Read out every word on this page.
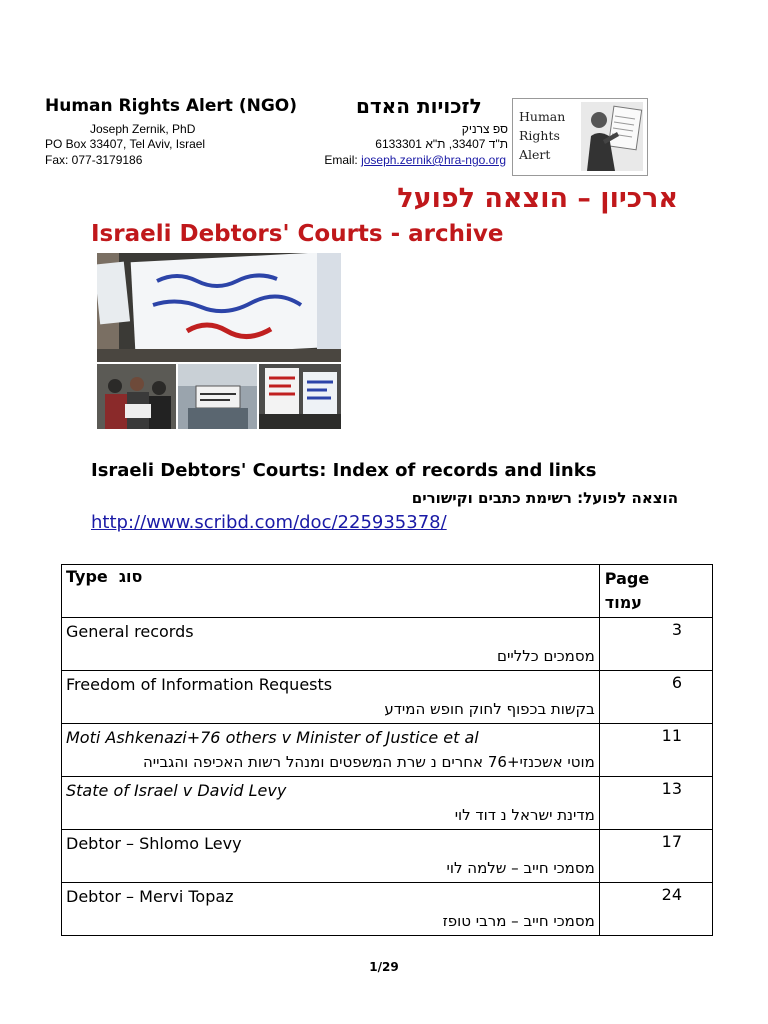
Human Rights Alert (NGO)	לזכויות האדם
Joseph Zernik, PhD
PO Box 33407, Tel Aviv, Israel
Fax: 077-3179186
ספ צרניק
ת"ד 33407, ת"א 6133301
Email: joseph.zernik@hra-ngo.org
Human
Rights
Alert
ארכיון – הוצאה לפועל
Israeli Debtors' Courts - archive
Israeli Debtors' Courts: Index of records and links
הוצאה לפועל: רשימת כתבים וקישורים
http://www.scribd.com/doc/225935378/
Type סוג	Page
עמוד

General records
מסמכים כלליים	3

Freedom of Information Requests
בקשות בכפוף לחוק חופש המידע	6

Moti Ashkenazi+76 others v Minister of Justice et al
מוטי אשכנזי+76 אחרים נ שרת המשפטים ומנהל רשות האכיפה והגבייה	11

State of Israel v David Levy
מדינת ישראל נ דוד לוי	13

Debtor – Shlomo Levy
מסמכי חייב – שלמה לוי	17

Debtor – Mervi Topaz
מסמכי חייב – מרבי טופז	24
1/29
